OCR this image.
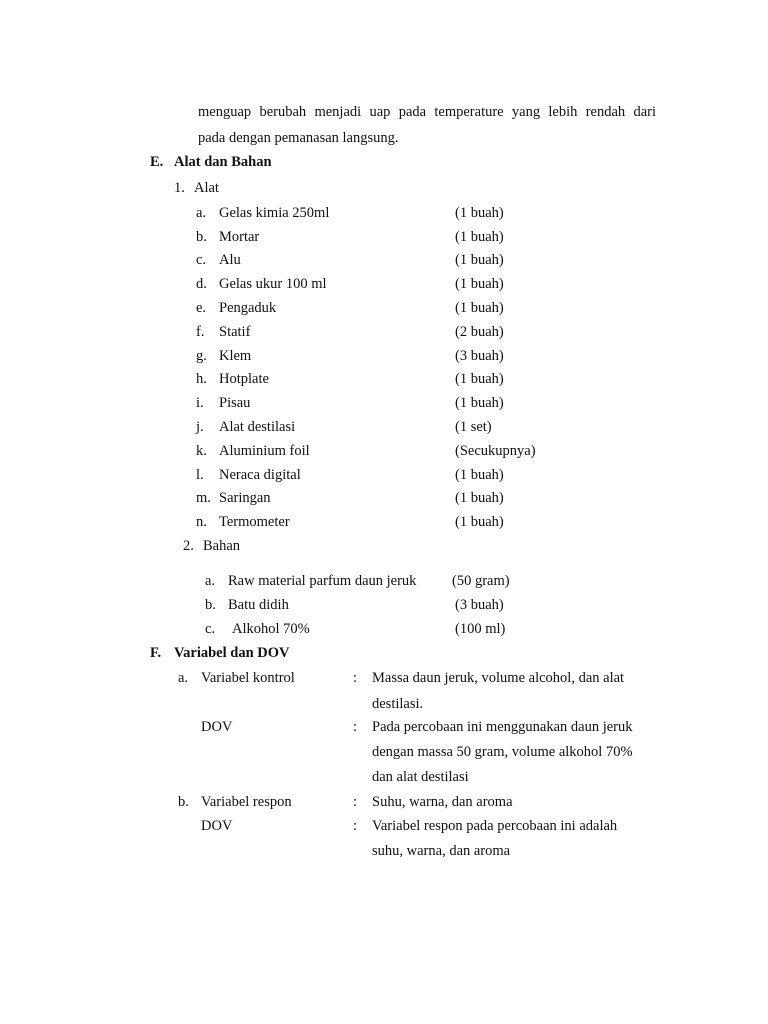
menguap berubah menjadi uap pada temperature yang lebih rendah dari
pada dengan pemanasan langsung.
E. Alat dan Bahan
1. Alat
a. Gelas kimia 250ml	(1 buah)
b. Mortar	(1 buah)
c. Alu	(1 buah)
d. Gelas ukur 100 ml	(1 buah)
e. Pengaduk	(1 buah)
f. Statif	(2 buah)
g. Klem	(3 buah)
h. Hotplate	(1 buah)
i. Pisau	(1 buah)
j. Alat destilasi	(1 set)
k. Aluminium foil	(Secukupnya)
l. Neraca digital	(1 buah)
m. Saringan	(1 buah)
n. Termometer	(1 buah)
2. Bahan
a. Raw material parfum daun jeruk (50 gram)
b. Batu didih	(3 buah)
c. Alkohol 70%	(100 ml)
F. Variabel dan DOV
a. Variabel kontrol	: Massa daun jeruk, volume alcohol, dan alat
destilasi.
DOV	: Pada percobaan ini menggunakan daun jeruk
dengan massa 50 gram, volume alkohol 70%
dan alat destilasi
b. Variabel respon	: Suhu, warna, dan aroma
DOV	: Variabel respon pada percobaan ini adalah
suhu, warna, dan aroma
